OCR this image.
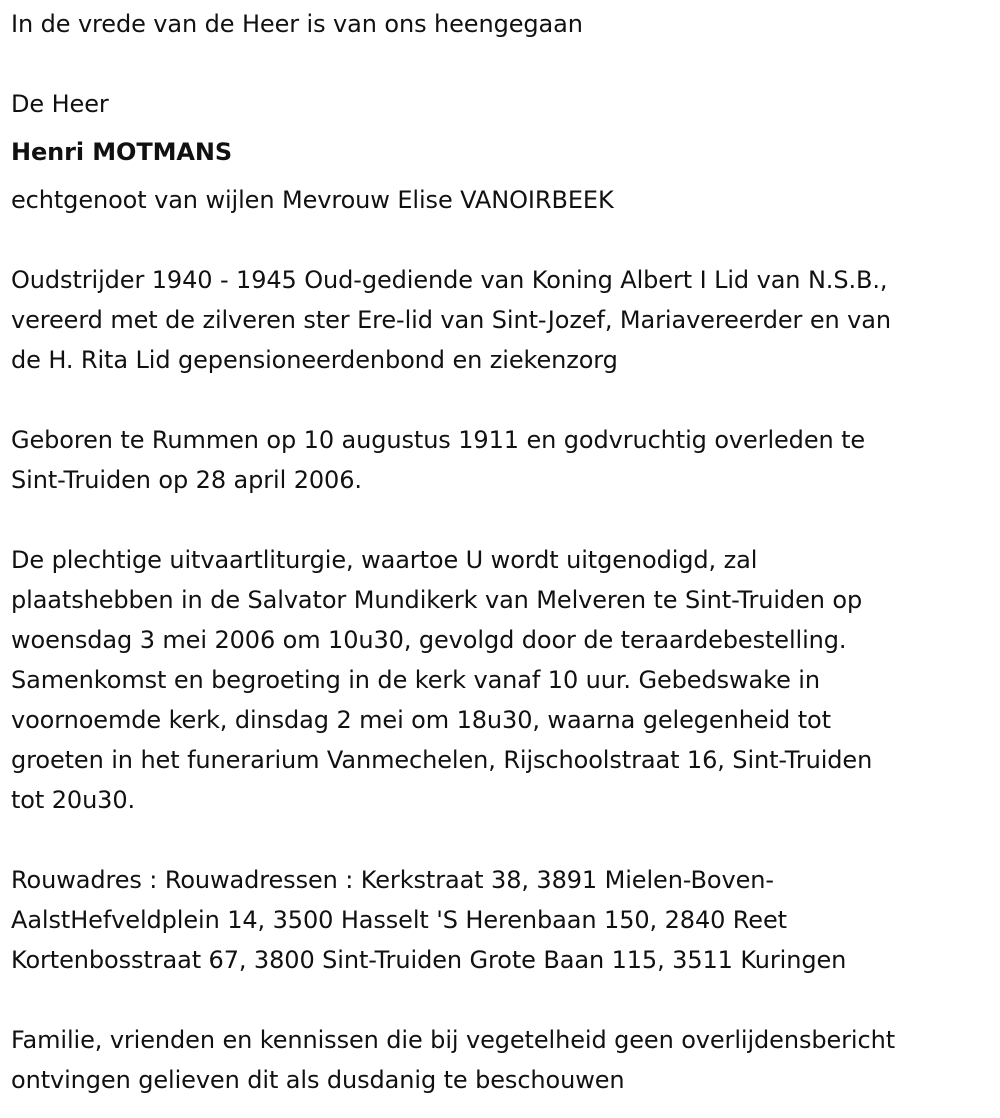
In de vrede van de Heer is van ons heengegaan
De Heer
Henri MOTMANS
echtgenoot van wijlen Mevrouw Elise VANOIRBEEK
Oudstrijder 1940 - 1945 Oud-gediende van Koning Albert I Lid van N.S.B.,
vereerd met de zilveren ster Ere-lid van Sint-Jozef, Mariavereerder en van
de H. Rita Lid gepensioneerdenbond en ziekenzorg
Geboren te Rummen op 10 augustus 1911 en godvruchtig overleden te
Sint-Truiden op 28 april 2006.
De plechtige uitvaartliturgie, waartoe U wordt uitgenodigd, zal
plaatshebben in de Salvator Mundikerk van Melveren te Sint-Truiden op
woensdag 3 mei 2006 om 10u30, gevolgd door de teraardebestelling.
Samenkomst en begroeting in de kerk vanaf 10 uur. Gebedswake in
voornoemde kerk, dinsdag 2 mei om 18u30, waarna gelegenheid tot
groeten in het funerarium Vanmechelen, Rijschoolstraat 16, Sint-Truiden
tot 20u30.
Rouwadres : Rouwadressen : Kerkstraat 38, 3891 Mielen-Boven-
AalstHefveldplein 14, 3500 Hasselt 'S Herenbaan 150, 2840 Reet
Kortenbosstraat 67, 3800 Sint-Truiden Grote Baan 115, 3511 Kuringen
Familie, vrienden en kennissen die bij vegetelheid geen overlijdensbericht
ontvingen gelieven dit als dusdanig te beschouwen
